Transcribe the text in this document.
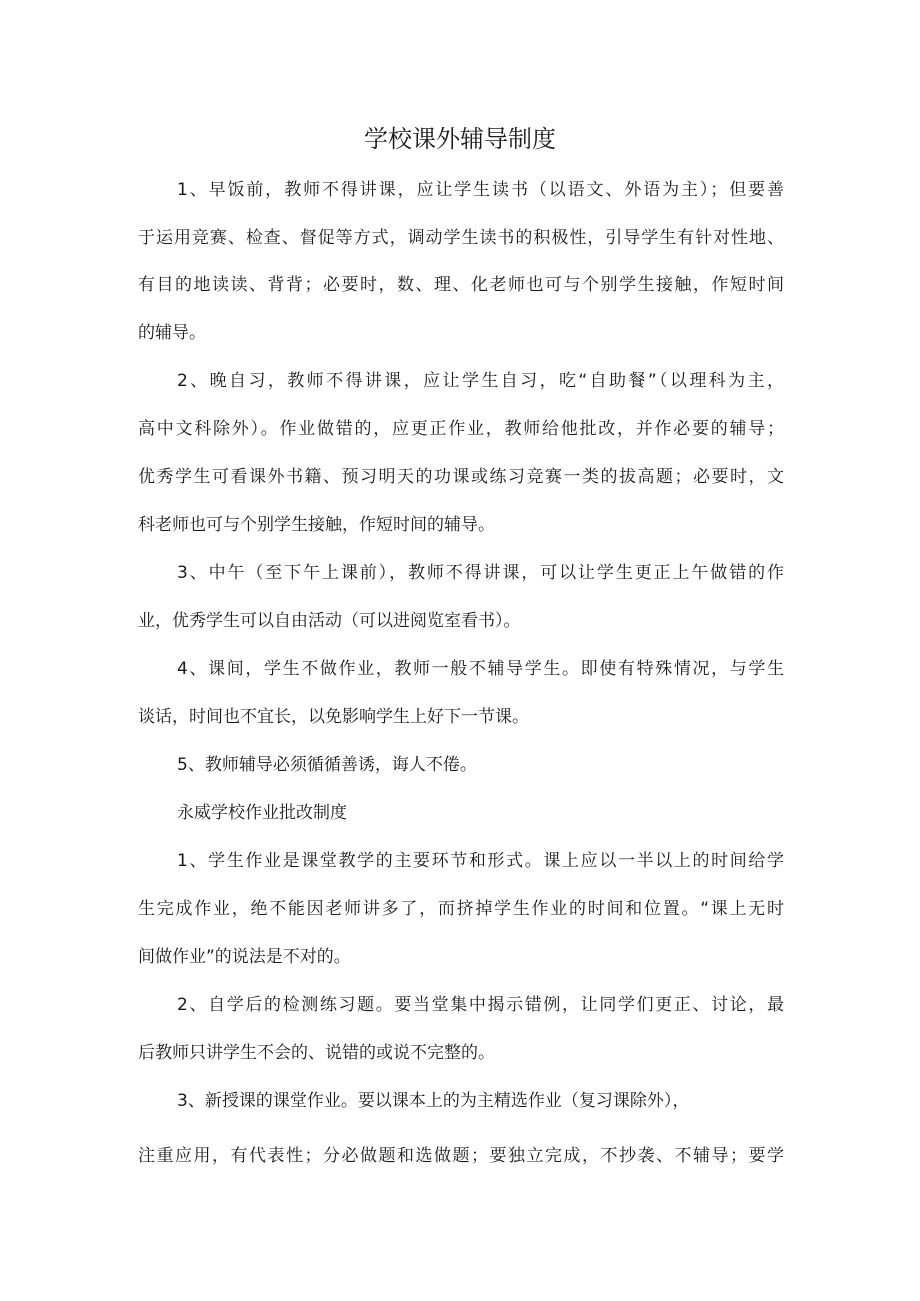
学校课外辅导制度

1、早饭前，教师不得讲课，应让学生读书（以语文、外语为主）；但要善

于运用竞赛、检查、督促等方式，调动学生读书的积极性，引导学生有针对性地、

有目的地读读、背背；必要时，数、理、化老师也可与个别学生接触，作短时间

的辅导。

2、晚自习，教师不得讲课，应让学生自习，吃“自助餐”（以理科为主，

高中文科除外）。作业做错的，应更正作业，教师给他批改，并作必要的辅导；

优秀学生可看课外书籍、预习明天的功课或练习竞赛一类的拔高题；必要时，文

科老师也可与个别学生接触，作短时间的辅导。

3、中午（至下午上课前），教师不得讲课，可以让学生更正上午做错的作

业，优秀学生可以自由活动（可以进阅览室看书）。

4、课间，学生不做作业，教师一般不辅导学生。即使有特殊情况，与学生

谈话，时间也不宜长，以免影响学生上好下一节课。

5、教师辅导必须循循善诱，诲人不倦。

永威学校作业批改制度

1、学生作业是课堂教学的主要环节和形式。课上应以一半以上的时间给学

生完成作业，绝不能因老师讲多了，而挤掉学生作业的时间和位置。“课上无时

间做作业”的说法是不对的。

2、自学后的检测练习题。要当堂集中揭示错例，让同学们更正、讨论，最

后教师只讲学生不会的、说错的或说不完整的。

3、新授课的课堂作业。要以课本上的为主精选作业（复习课除外），

注重应用，有代表性；分必做题和选做题；要独立完成，不抄袭、不辅导；要学
